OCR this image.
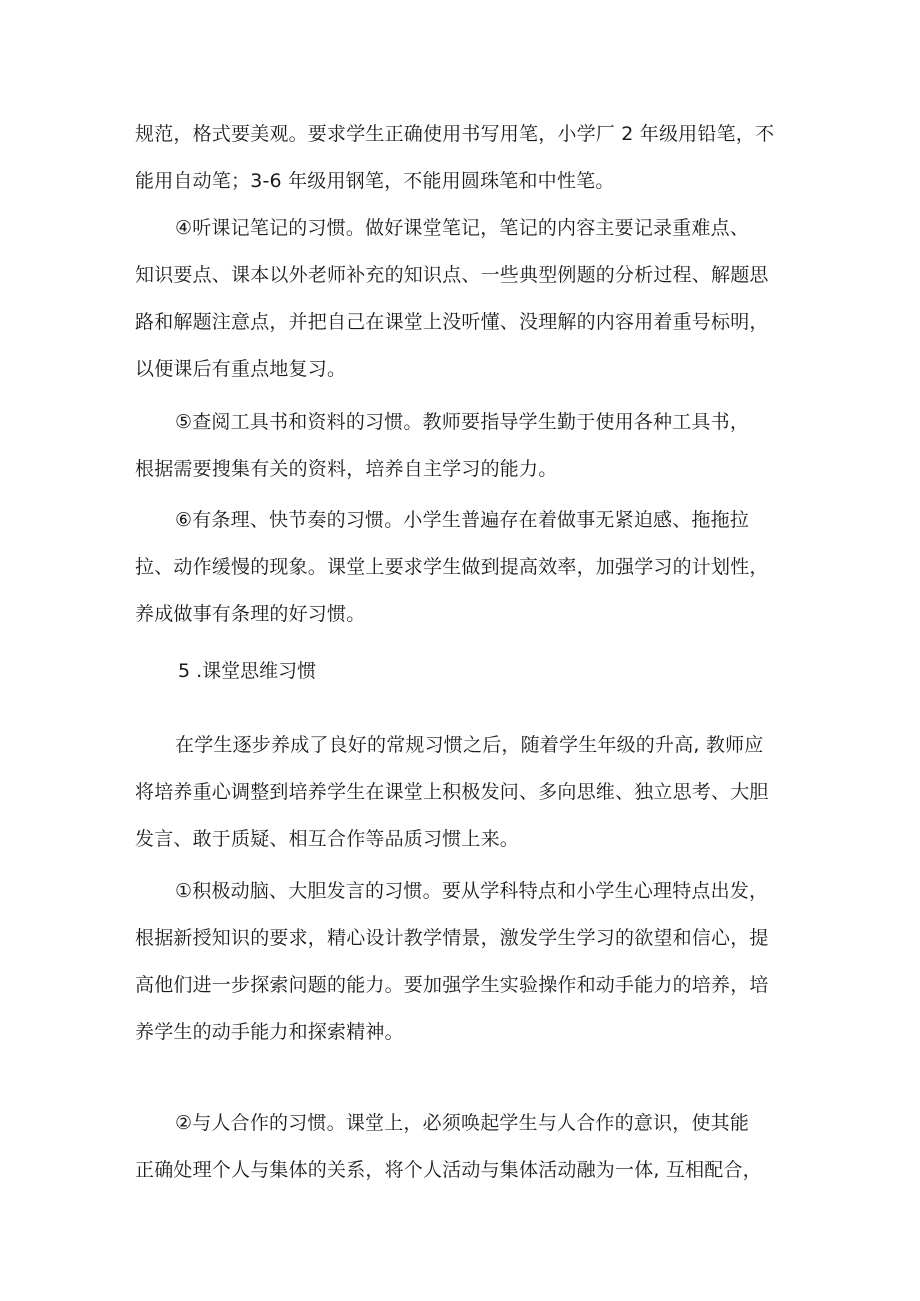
规范，格式要美观。要求学生正确使用书写用笔，小学厂 2 年级用铅笔，不
能用自动笔；3-6 年级用钢笔，不能用圆珠笔和中性笔。
④听课记笔记的习惯。做好课堂笔记，笔记的内容主要记录重难点、
知识要点、课本以外老师补充的知识点、一些典型例题的分析过程、解题思
路和解题注意点，并把自己在课堂上没听懂、没理解的内容用着重号标明，
以便课后有重点地复习。
⑤查阅工具书和资料的习惯。教师要指导学生勤于使用各种工具书，
根据需要搜集有关的资料，培养自主学习的能力。
⑥有条理、快节奏的习惯。小学生普遍存在着做事无紧迫感、拖拖拉
拉、动作缓慢的现象。课堂上要求学生做到提高效率，加强学习的计划性，
养成做事有条理的好习惯。
5 .课堂思维习惯
在学生逐步养成了良好的常规习惯之后，随着学生年级的升高, 教师应
将培养重心调整到培养学生在课堂上积极发问、多向思维、独立思考、大胆
发言、敢于质疑、相互合作等品质习惯上来。
①积极动脑、大胆发言的习惯。要从学科特点和小学生心理特点出发，
根据新授知识的要求，精心设计教学情景，激发学生学习的欲望和信心，提
高他们进一步探索问题的能力。要加强学生实验操作和动手能力的培养，培
养学生的动手能力和探索精神。
②与人合作的习惯。课堂上，必须唤起学生与人合作的意识，使其能
正确处理个人与集体的关系，将个人活动与集体活动融为一体, 互相配合，
